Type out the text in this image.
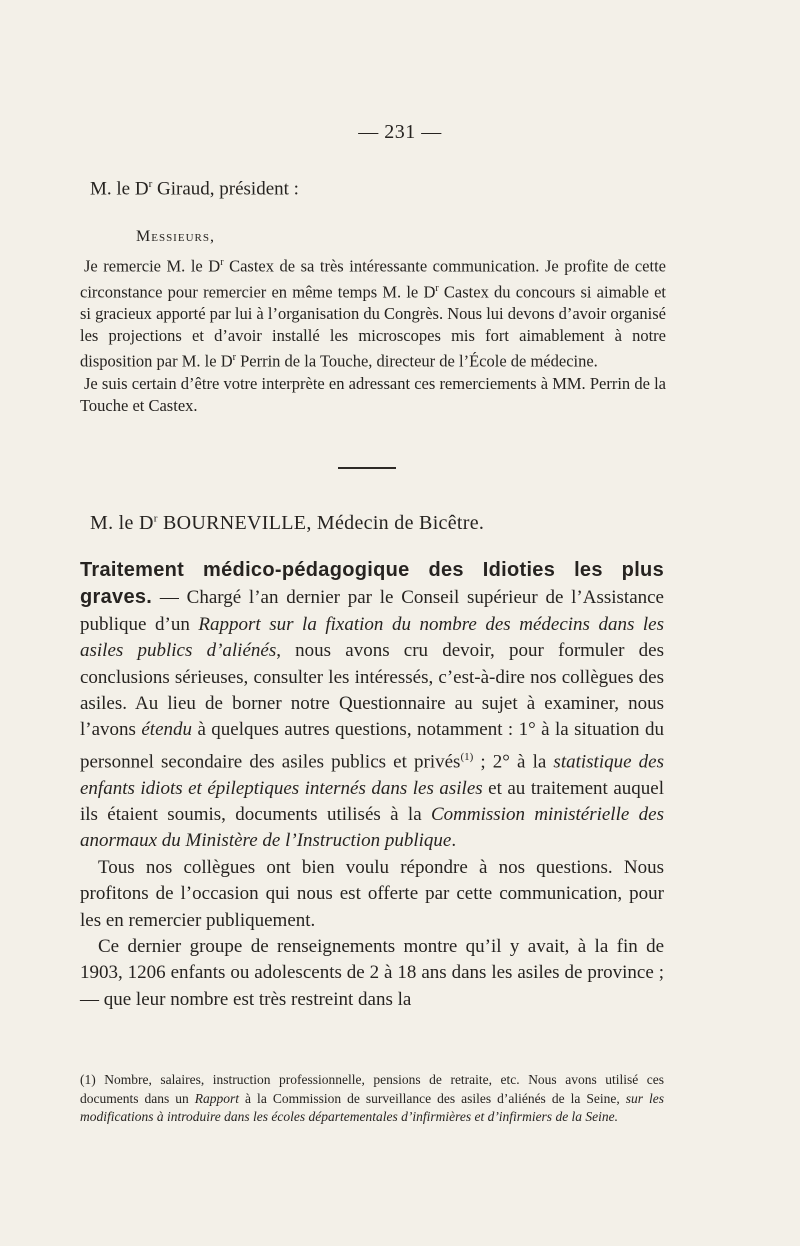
— 231 —
M. le $D^r$ Giraud, président :
Messieurs,

Je remercie M. le $D^r$ Castex de sa très intéressante communication. Je profite de cette circonstance pour remercier en même temps M. le $D^r$ Castex du concours si aimable et si gracieux apporté par lui à l’organisation du Congrès. Nous lui devons d’avoir organisé les projections et d’avoir installé les microscopes mis fort aimablement à notre disposition par M. le $D^r$ Perrin de la Touche, directeur de l’École de médecine.

Je suis certain d’être votre interprète en adressant ces remerciements à MM. Perrin de la Touche et Castex.

M. le $D^r$ BOURNEVILLE, Médecin de Bicêtre.

Traitement médico-pédagogique des Idioties les plus graves. — Chargé l’an dernier par le Conseil supérieur de l’Assistance publique d’un Rapport sur la fixation du nombre des médecins dans les asiles publics d’aliénés, nous avons cru devoir, pour formuler des conclusions sérieuses, consulter les intéressés, c’est-à-dire nos collègues des asiles. Au lieu de borner notre Questionnaire au sujet à examiner, nous l’avons étendu à quelques autres questions, notamment : 1° à la situation du personnel secondaire des asiles publics et privés$^{(1)}$ ; 2° à la statistique des enfants idiots et épileptiques internés dans les asiles et au traitement auquel ils étaient soumis, documents utilisés à la Commission ministérielle des anormaux du Ministère de l’Instruction publique.

Tous nos collègues ont bien voulu répondre à nos questions. Nous profitons de l’occasion qui nous est offerte par cette communication, pour les en remercier publiquement.

Ce dernier groupe de renseignements montre qu’il y avait, à la fin de 1903, 1206 enfants ou adolescents de 2 à 18 ans dans les asiles de province ; — que leur nombre est très restreint dans la

(1) Nombre, salaires, instruction professionnelle, pensions de retraite, etc. Nous avons utilisé ces documents dans un Rapport à la Commission de surveillance des asiles d’aliénés de la Seine, sur les modifications à introduire dans les écoles départementales d’infirmières et d’infirmiers de la Seine.
